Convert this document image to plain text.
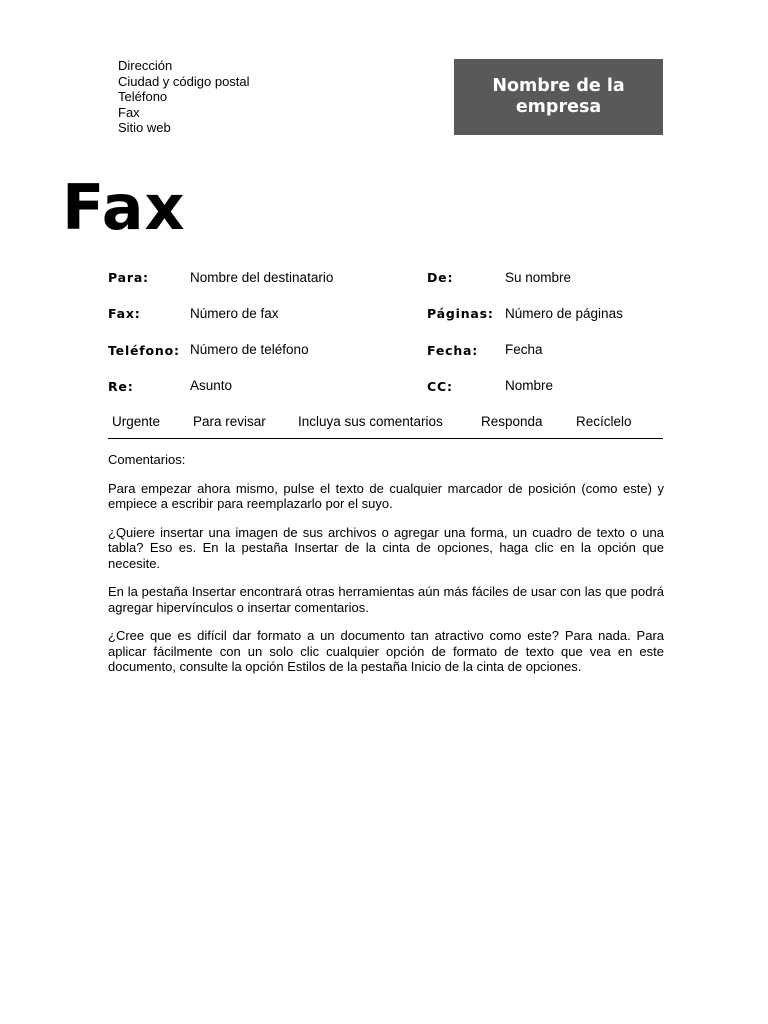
Dirección
Ciudad y código postal
Teléfono
Fax
Sitio web
Nombre de la empresa
Fax
Para:	Nombre del destinatario	De:	Su nombre
Fax:	Número de fax	Páginas: Número de páginas
Teléfono: Número de teléfono	Fecha: Fecha
Re:	Asunto	CC:	Nombre
Urgente Para revisar Incluya sus comentarios	Responda Recíclelo

Comentarios:

Para empezar ahora mismo, pulse el texto de cualquier marcador de posición (como este) y empiece a escribir para reemplazarlo por el suyo.

¿Quiere insertar una imagen de sus archivos o agregar una forma, un cuadro de texto o una tabla? Eso es. En la pestaña Insertar de la cinta de opciones, haga clic en la opción que necesite.

En la pestaña Insertar encontrará otras herramientas aún más fáciles de usar con las que podrá agregar hipervínculos o insertar comentarios.

¿Cree que es difícil dar formato a un documento tan atractivo como este? Para nada. Para aplicar fácilmente con un solo clic cualquier opción de formato de texto que vea en este documento, consulte la opción Estilos de la pestaña Inicio de la cinta de opciones.
